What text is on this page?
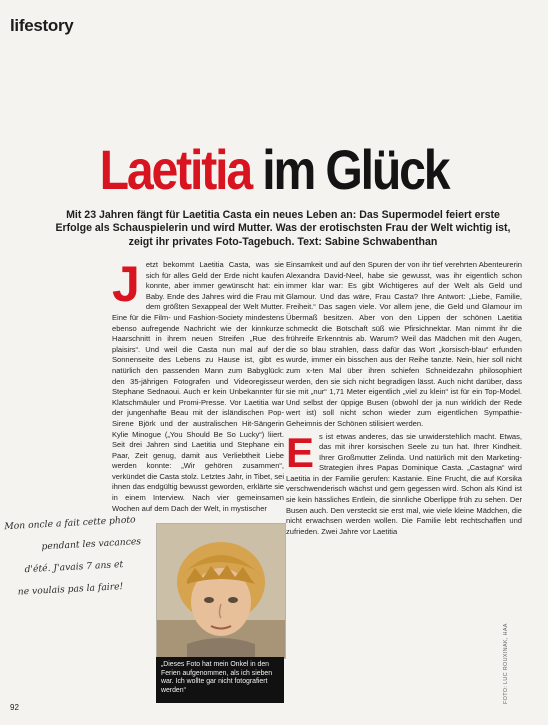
lifestory
Laetitia im Glück
Mit 23 Jahren fängt für Laetitia Casta ein neues Leben an: Das Supermodel feiert erste Erfolge als Schauspielerin und wird Mutter. Was der erotischsten Frau der Welt wichtig ist, zeigt ihr privates Foto-Tagebuch. Text: Sabine Schwabenthan

J etzt bekommt Laetitia Casta, was sie sich für alles Geld der Erde nicht kaufen konnte, aber immer gewünscht hat: ein Baby. Ende des Jahres wird die Frau mit dem größten Sexappeal der Welt Mutter. Eine für die Film- und Fashion-Society mindestens ebenso aufregende Nachricht wie der kinnkurze Haarschnitt in ihrem neuen Streifen „Rue des plaisirs“. Und weil die Casta nun mal auf der Sonnenseite des Lebens zu Hause ist, gibt es natürlich den passenden Mann zum Babyglück: den 35-jährigen Fotografen und Videoregisseur Stephane Sednaoui. Auch er kein Unbekannter für Klatschmäuler und Promi-Presse. Vor Laetitia war der jungenhafte Beau mit der isländischen Pop-Sirene Björk und der australischen Hit-Sängerin Kylie Minogue („You Should Be So Lucky“) liiert. Seit drei Jahren sind Laetitia und Stephane ein Paar, Zeit genug, damit aus Verliebtheit Liebe werden konnte: „Wir gehören zusammen“, verkündet die Casta stolz. Letztes Jahr, in Tibet, sei ihnen das endgültig bewusst geworden, erklärte sie in einem Interview. Nach vier gemeinsamen Wochen auf dem Dach der Welt, in mystischer

Einsamkeit und auf den Spuren der von ihr tief verehrten Abenteurerin Alexandra David-Neel, habe sie gewusst, was ihr eigentlich schon immer klar war: Es gibt Wichtigeres auf der Welt als Geld und Glamour. Und das wäre, Frau Casta? Ihre Antwort: „Liebe, Familie, Freiheit.“ Das sagen viele. Vor allem jene, die Geld und Glamour im Übermaß besitzen. Aber von den Lippen der schönen Laetitia schmeckt die Botschaft süß wie Pfirsichnektar. Man nimmt ihr die frühreife Erkenntnis ab. Warum? Weil das Mädchen mit den Augen, die so blau strahlen, dass dafür das Wort „korsisch-blau“ erfunden wurde, immer ein bisschen aus der Reihe tanzte. Nein, hier soll nicht zum x-ten Mal über ihren schiefen Schneidezahn philosophiert werden, den sie sich nicht begradigen lässt. Auch nicht darüber, dass sie mit „nur“ 1,71 Meter eigentlich „viel zu klein“ ist für ein Top-Model. Und selbst der üppige Busen (obwohl der ja nun wirklich der Rede wert ist) soll nicht schon wieder zum eigentlichen Sympathie-Geheimnis der Schönen stilisiert werden.

E s ist etwas anderes, das sie unwiderstehlich macht. Etwas, das mit ihrer korsischen Seele zu tun hat. Ihrer Kindheit. Ihrer Großmutter Zelinda. Und natürlich mit den Marketing-Strategien ihres Papas Dominique Casta. „Castagna“ wird Laetitia in der Familie gerufen: Kastanie. Eine Frucht, die auf Korsika verschwenderisch wächst und gern gegessen wird. Schon als Kind ist sie kein hässliches Entlein, die sinnliche Oberlippe früh zu sehen. Der Busen auch. Den versteckt sie erst mal, wie viele kleine Mädchen, die nicht erwachsen werden wollen. Die Familie lebt rechtschaffen und zufrieden. Zwei Jahre vor Laetitia

Mon oncle a fait cette photo
pendant les vacances
d'été. J'avais 7 ans et
ne voulais pas la faire!
„Dieses Foto hat mein Onkel in den Ferien aufgenommen, als ich sieben war. Ich wollte gar nicht fotografiert werden“
92
FOTO: LUC ROUXINAK, HAA
